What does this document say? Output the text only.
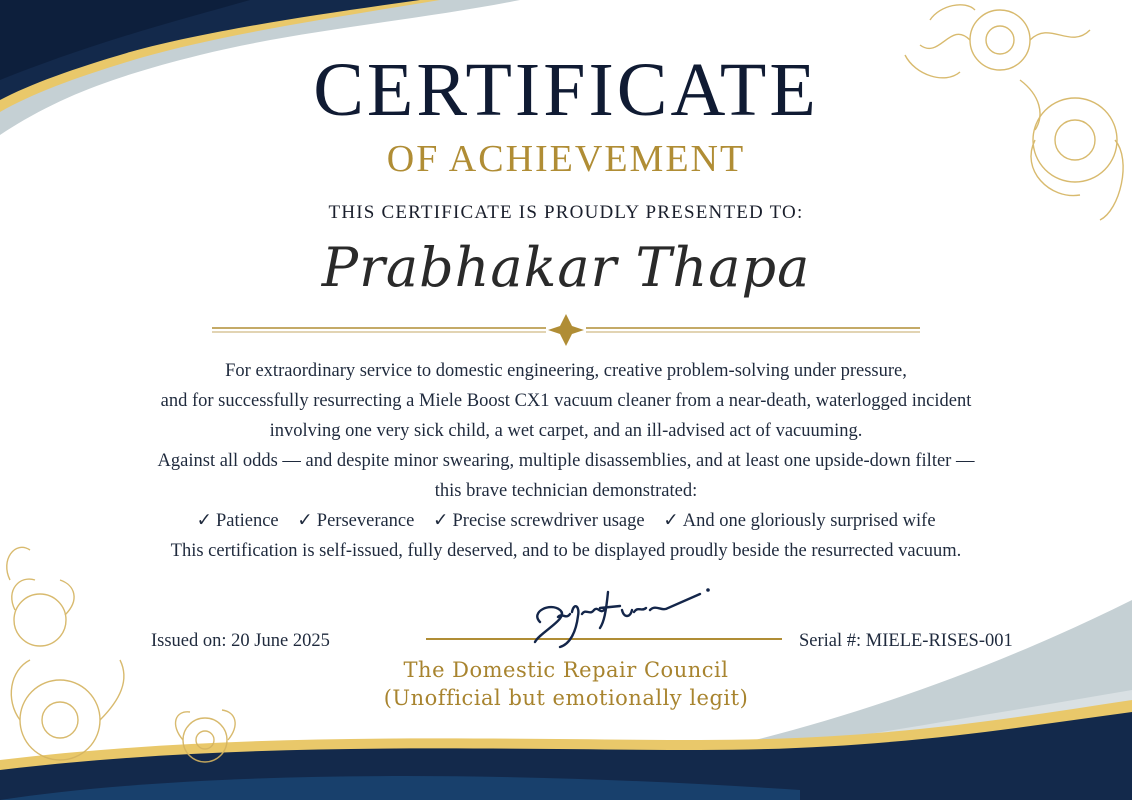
CERTIFICATE
OF ACHIEVEMENT
THIS CERTIFICATE IS PROUDLY PRESENTED TO:
Prabhakar Thapa
For extraordinary service to domestic engineering, creative problem-solving under pressure,
and for successfully resurrecting a Miele Boost CX1 vacuum cleaner from a near-death, waterlogged incident
involving one very sick child, a wet carpet, and an ill-advised act of vacuuming.
Against all odds — and despite minor swearing, multiple disassemblies, and at least one upside-down filter —
this brave technician demonstrated:
✓ Patience ✓ Perseverance ✓ Precise screwdriver usage ✓ And one gloriously surprised wife
This certification is self-issued, fully deserved, and to be displayed proudly beside the resurrected vacuum.
Issued on: 20 June 2025	Serial #: MIELE-RISES-001
The Domestic Repair Council
(Unofficial but emotionally legit)
